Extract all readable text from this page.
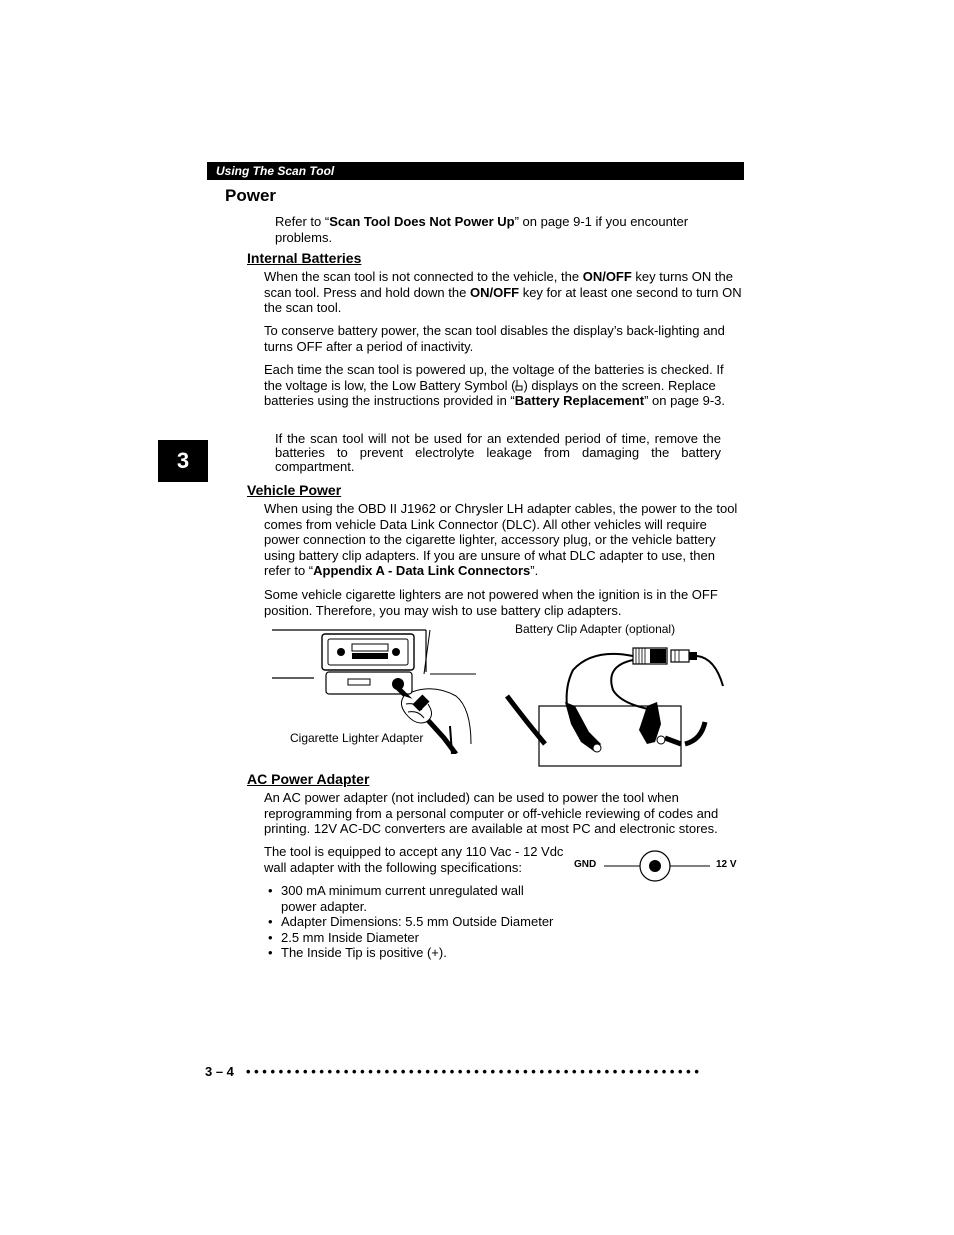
Using The Scan Tool
3
Power

Refer to “Scan Tool Does Not Power Up” on page 9-1 if you encounter problems.

Internal Batteries

When the scan tool is not connected to the vehicle, the ON/OFF key turns ON the scan tool. Press and hold down the ON/OFF key for at least one second to turn ON the scan tool.

To conserve battery power, the scan tool disables the display’s back-lighting and turns OFF after a period of inactivity.

Each time the scan tool is powered up, the voltage of the batteries is checked. If the voltage is low, the Low Battery Symbol ( ) displays on the screen. Replace batteries using the instructions provided in “Battery Replacement” on page 9-3.

If the scan tool will not be used for an extended period of time, remove the batteries to prevent electrolyte leakage from damaging the battery compartment.

Vehicle Power

When using the OBD II J1962 or Chrysler LH adapter cables, the power to the tool comes from vehicle Data Link Connector (DLC). All other vehicles will require power connection to the cigarette lighter, accessory plug, or the vehicle battery using battery clip adapters. If you are unsure of what DLC adapter to use, then refer to “Appendix A - Data Link Connectors”.

Some vehicle cigarette lighters are not powered when the ignition is in the OFF position. Therefore, you may wish to use battery clip adapters.

Cigarette Lighter Adapter
Battery Clip Adapter (optional)
AC Power Adapter

An AC power adapter (not included) can be used to power the tool when reprogramming from a personal computer or off-vehicle reviewing of codes and printing. 12V AC-DC converters are available at most PC and electronic stores.

The tool is equipped to accept any 110 Vac - 12 Vdc wall adapter with the following specifications:	GND	12 V
• 300 mA minimum current unregulated wall power adapter.
• Adapter Dimensions: 5.5 mm Outside Diameter
• 2.5 mm Inside Diameter
• The Inside Tip is positive (+).
3 – 4 ••••••••••••••••••••••••••••••••••••••••••••••••••••••••
